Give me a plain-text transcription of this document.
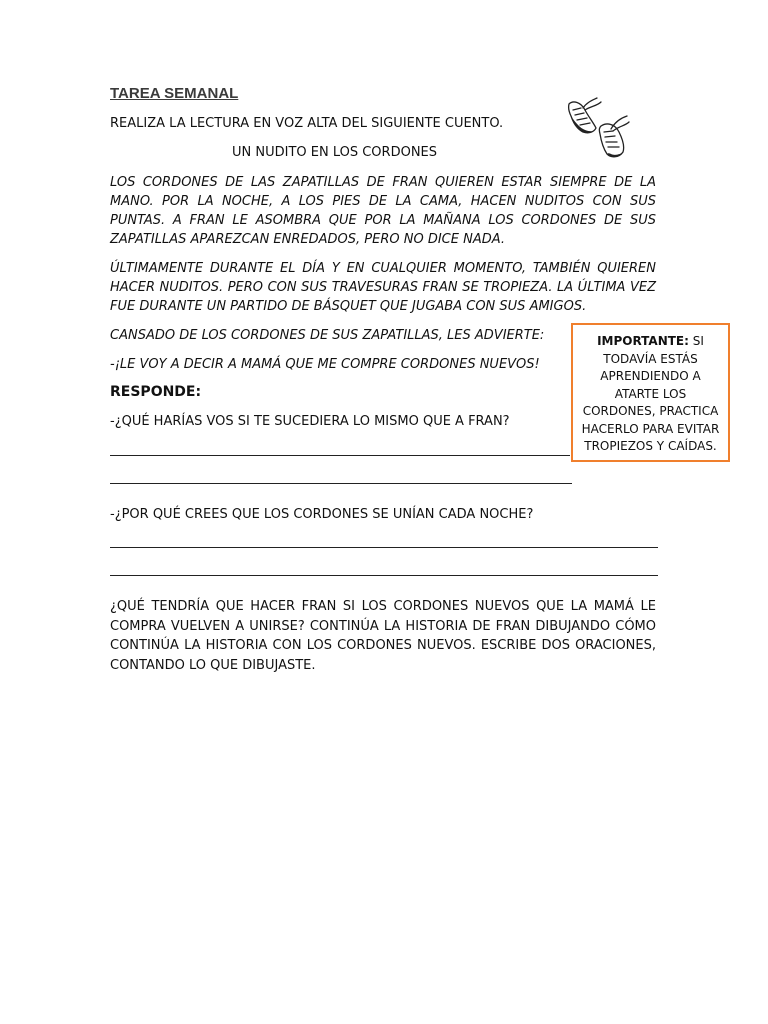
TAREA SEMANAL
REALIZA LA LECTURA EN VOZ ALTA DEL SIGUIENTE CUENTO.
UN NUDITO EN LOS CORDONES

LOS CORDONES DE LAS ZAPATILLAS DE FRAN QUIEREN ESTAR SIEMPRE DE LA MANO. POR LA NOCHE, A LOS PIES DE LA CAMA, HACEN NUDITOS CON SUS PUNTAS. A FRAN LE ASOMBRA QUE POR LA MAÑANA LOS CORDONES DE SUS ZAPATILLAS APAREZCAN ENREDADOS, PERO NO DICE NADA.

ÚLTIMAMENTE DURANTE EL DÍA Y EN CUALQUIER MOMENTO, TAMBIÉN QUIEREN HACER NUDITOS. PERO CON SUS TRAVESURAS FRAN SE TROPIEZA. LA ÚLTIMA VEZ FUE DURANTE UN PARTIDO DE BÁSQUET QUE JUGABA CON SUS AMIGOS.

CANSADO DE LOS CORDONES DE SUS ZAPATILLAS, LES ADVIERTE:

-¡LE VOY A DECIR A MAMÁ QUE ME COMPRE CORDONES NUEVOS!

IMPORTANTE: SI TODAVÍA ESTÁS APRENDIENDO A ATARTE LOS CORDONES, PRACTICA HACERLO PARA EVITAR TROPIEZOS Y CAÍDAS.
RESPONDE:
-¿QUÉ HARÍAS VOS SI TE SUCEDIERA LO MISMO QUE A FRAN?
-¿POR QUÉ CREES QUE LOS CORDONES SE UNÍAN CADA NOCHE?

¿QUÉ TENDRÍA QUE HACER FRAN SI LOS CORDONES NUEVOS QUE LA MAMÁ LE COMPRA VUELVEN A UNIRSE? CONTINÚA LA HISTORIA DE FRAN DIBUJANDO CÓMO CONTINÚA LA HISTORIA CON LOS CORDONES NUEVOS. ESCRIBE DOS ORACIONES, CONTANDO LO QUE DIBUJASTE.
